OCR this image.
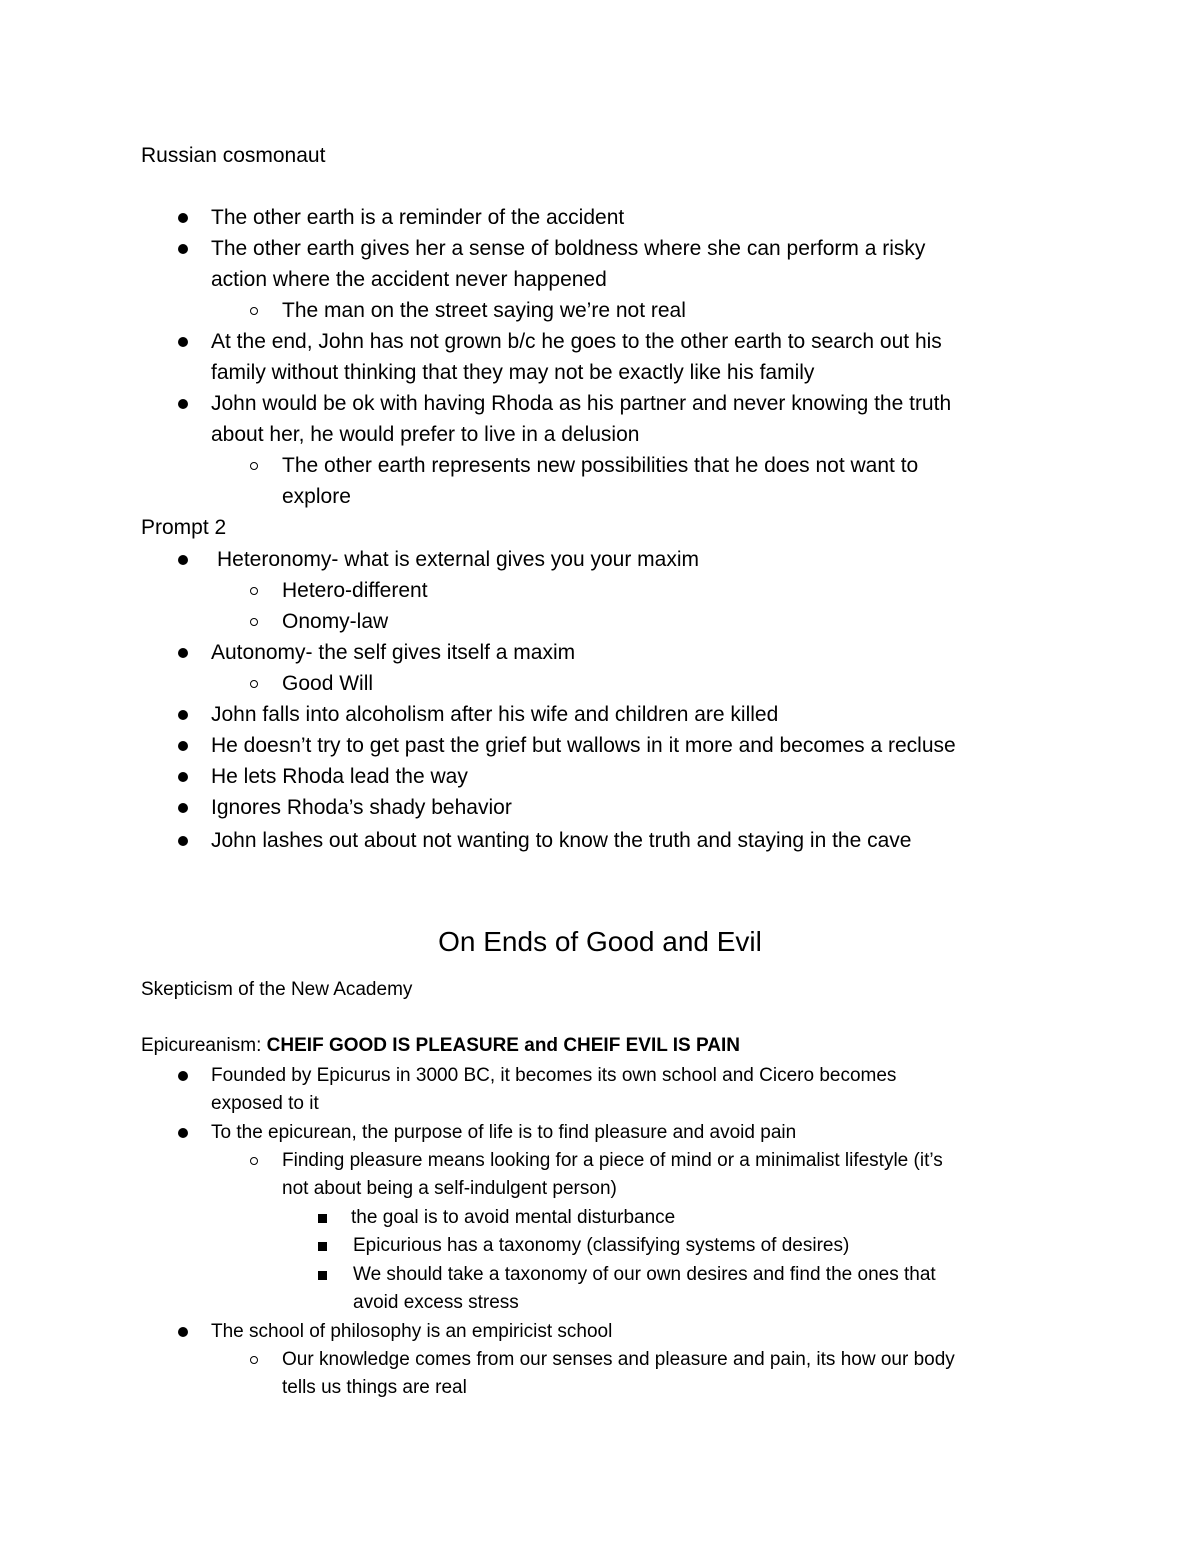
Russian cosmonaut
The other earth is a reminder of the accident
The other earth gives her a sense of boldness where she can perform a risky
action where the accident never happened
The man on the street saying we’re not real
At the end, John has not grown b/c he goes to the other earth to search out his
family without thinking that they may not be exactly like his family
John would be ok with having Rhoda as his partner and never knowing the truth
about her, he would prefer to live in a delusion
The other earth represents new possibilities that he does not want to
explore
Prompt 2
Heteronomy- what is external gives you your maxim
Hetero-different
Onomy-law
Autonomy- the self gives itself a maxim
Good Will
John falls into alcoholism after his wife and children are killed
He doesn’t try to get past the grief but wallows in it more and becomes a recluse
He lets Rhoda lead the way
Ignores Rhoda’s shady behavior
John lashes out about not wanting to know the truth and staying in the cave
On Ends of Good and Evil
Skepticism of the New Academy
Epicureanism: CHEIF GOOD IS PLEASURE and CHEIF EVIL IS PAIN
Founded by Epicurus in 3000 BC, it becomes its own school and Cicero becomes
exposed to it
To the epicurean, the purpose of life is to find pleasure and avoid pain
Finding pleasure means looking for a piece of mind or a minimalist lifestyle (it’s
not about being a self-indulgent person)
the goal is to avoid mental disturbance
Epicurious has a taxonomy (classifying systems of desires)
We should take a taxonomy of our own desires and find the ones that
avoid excess stress
The school of philosophy is an empiricist school
Our knowledge comes from our senses and pleasure and pain, its how our body
tells us things are real
